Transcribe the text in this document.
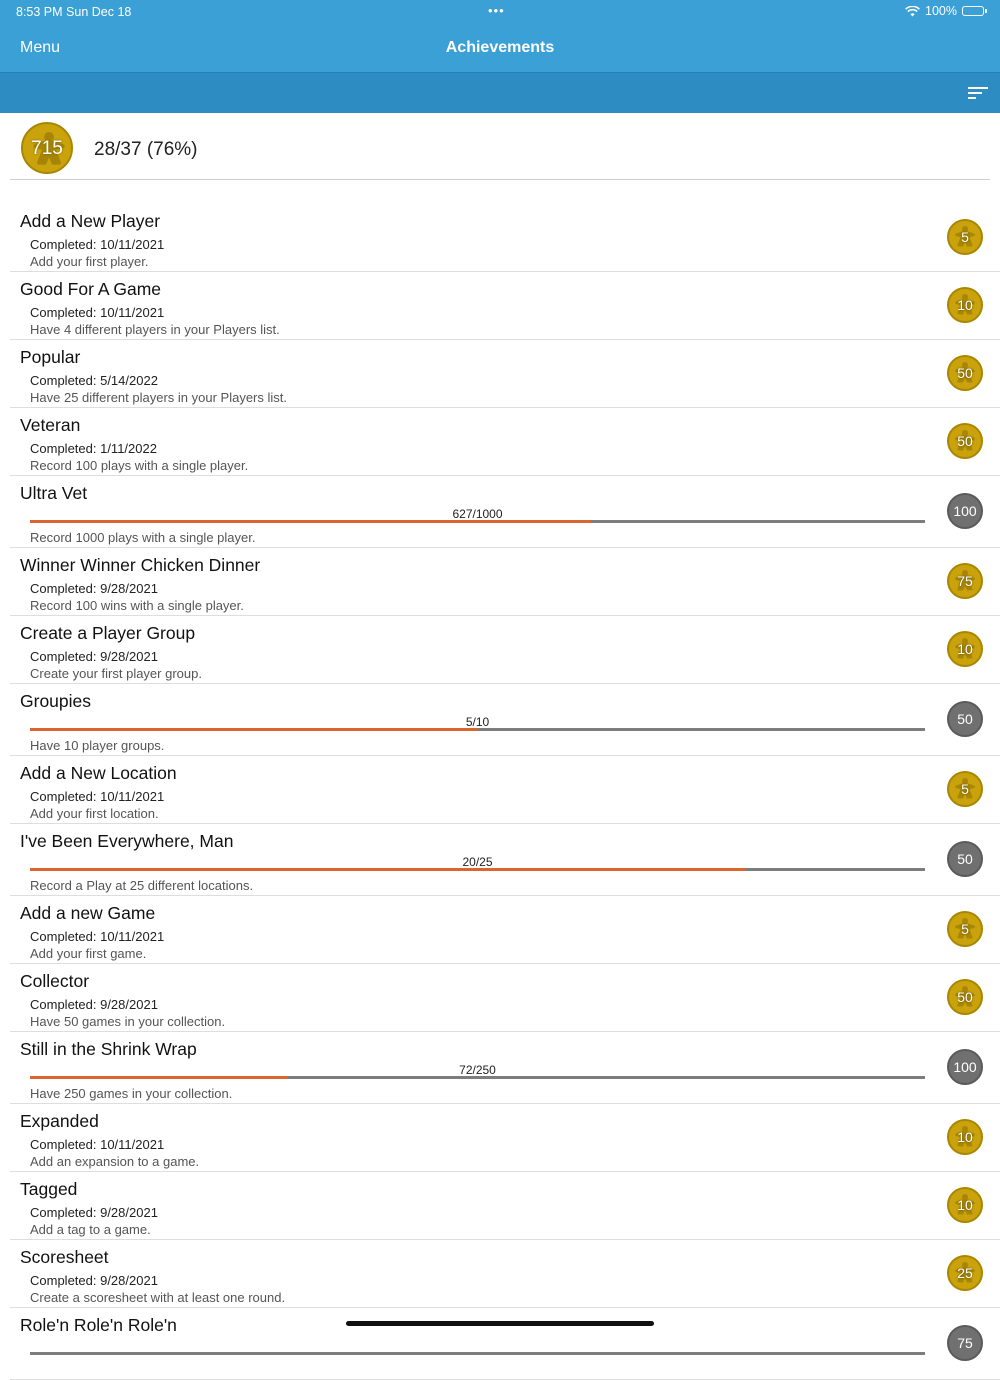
8:53 PM Sun Dec 18	•••	100%
Menu	Achievements
715	28/37 (76%)
Add a New Player
Completed: 10/11/2021
Add your first player.
5
Good For A Game
Completed: 10/11/2021
Have 4 different players in your Players list.
10
Popular
Completed: 5/14/2022
Have 25 different players in your Players list.
50
Veteran
Completed: 1/11/2022
Record 100 plays with a single player.
50
Ultra Vet
627/1000
Record 1000 plays with a single player.
100
Winner Winner Chicken Dinner
Completed: 9/28/2021
Record 100 wins with a single player.
75
Create a Player Group
Completed: 9/28/2021
Create your first player group.
10
Groupies
5/10
Have 10 player groups.
50
Add a New Location
Completed: 10/11/2021
Add your first location.
5
I've Been Everywhere, Man
20/25
Record a Play at 25 different locations.
50
Add a new Game
Completed: 10/11/2021
Add your first game.
5
Collector
Completed: 9/28/2021
Have 50 games in your collection.
50
Still in the Shrink Wrap
72/250
Have 250 games in your collection.
100
Expanded
Completed: 10/11/2021
Add an expansion to a game.
10
Tagged
Completed: 9/28/2021
Add a tag to a game.
10
Scoresheet
Completed: 9/28/2021
Create a scoresheet with at least one round.
25
Role'n Role'n Role'n
75
